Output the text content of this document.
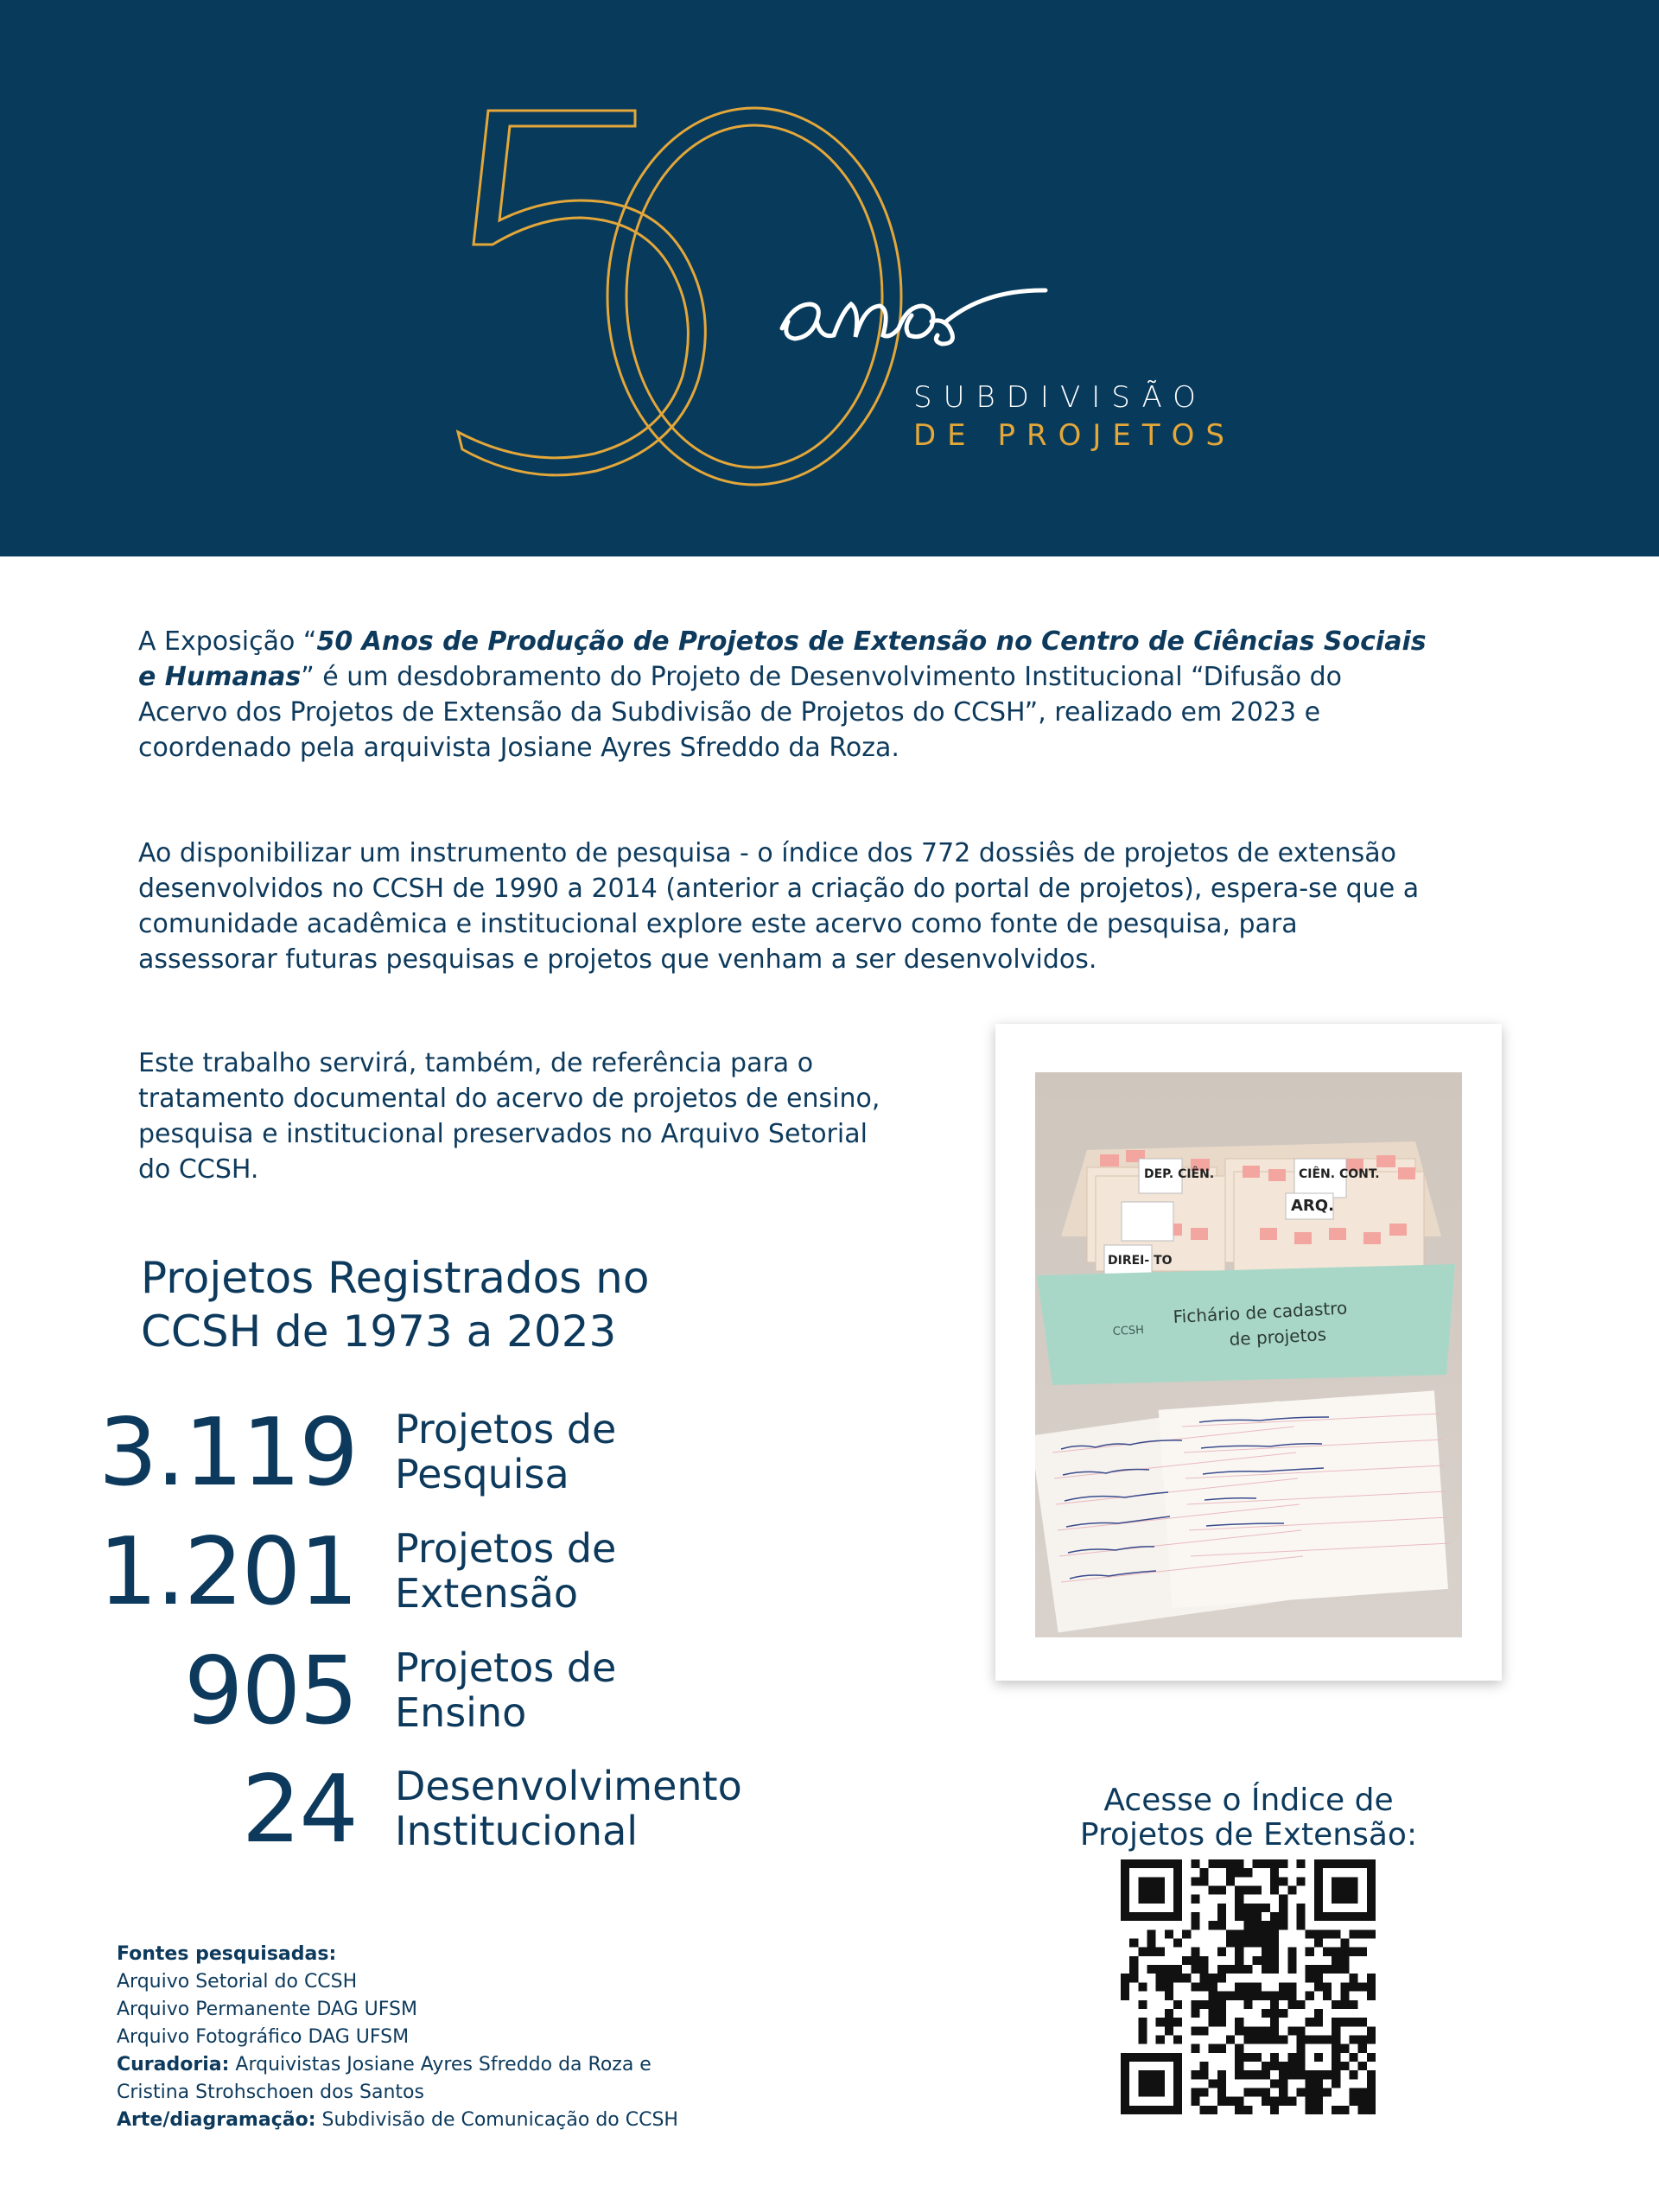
SUBDIVISÃO
DE PROJETOS
A Exposição “50 Anos de Produção de Projetos de Extensão no Centro de Ciências Sociais e Humanas” é um desdobramento do Projeto de Desenvolvimento Institucional “Difusão do Acervo dos Projetos de Extensão da Subdivisão de Projetos do CCSH”, realizado em 2023 e coordenado pela arquivista Josiane Ayres Sfreddo da Roza.
Ao disponibilizar um instrumento de pesquisa - o índice dos 772 dossiês de projetos de extensão desenvolvidos no CCSH de 1990 a 2014 (anterior a criação do portal de projetos), espera-se que a comunidade acadêmica e institucional explore este acervo como fonte de pesquisa, para assessorar futuras pesquisas e projetos que venham a ser desenvolvidos.
Este trabalho servirá, também, de referência para o tratamento documental do acervo de projetos de ensino, pesquisa e institucional preservados no Arquivo Setorial do CCSH.
Projetos Registrados no
CCSH de 1973 a 2023
3.119 Projetos de
Pesquisa
1.201 Projetos de
Extensão
905 Projetos de
Ensino
24 Desenvolvimento
Institucional
DEP. CIÊN.	CIÊN. CONT.
ARQ.
DIREI- TO
Fichário de cadastro
de projetos
CCSH
Acesse o Índice de
Projetos de Extensão:
Fontes pesquisadas:
Arquivo Setorial do CCSH
Arquivo Permanente DAG UFSM
Arquivo Fotográfico DAG UFSM
Curadoria: Arquivistas Josiane Ayres Sfreddo da Roza e
Cristina Strohschoen dos Santos
Arte/diagramação: Subdivisão de Comunicação do CCSH
